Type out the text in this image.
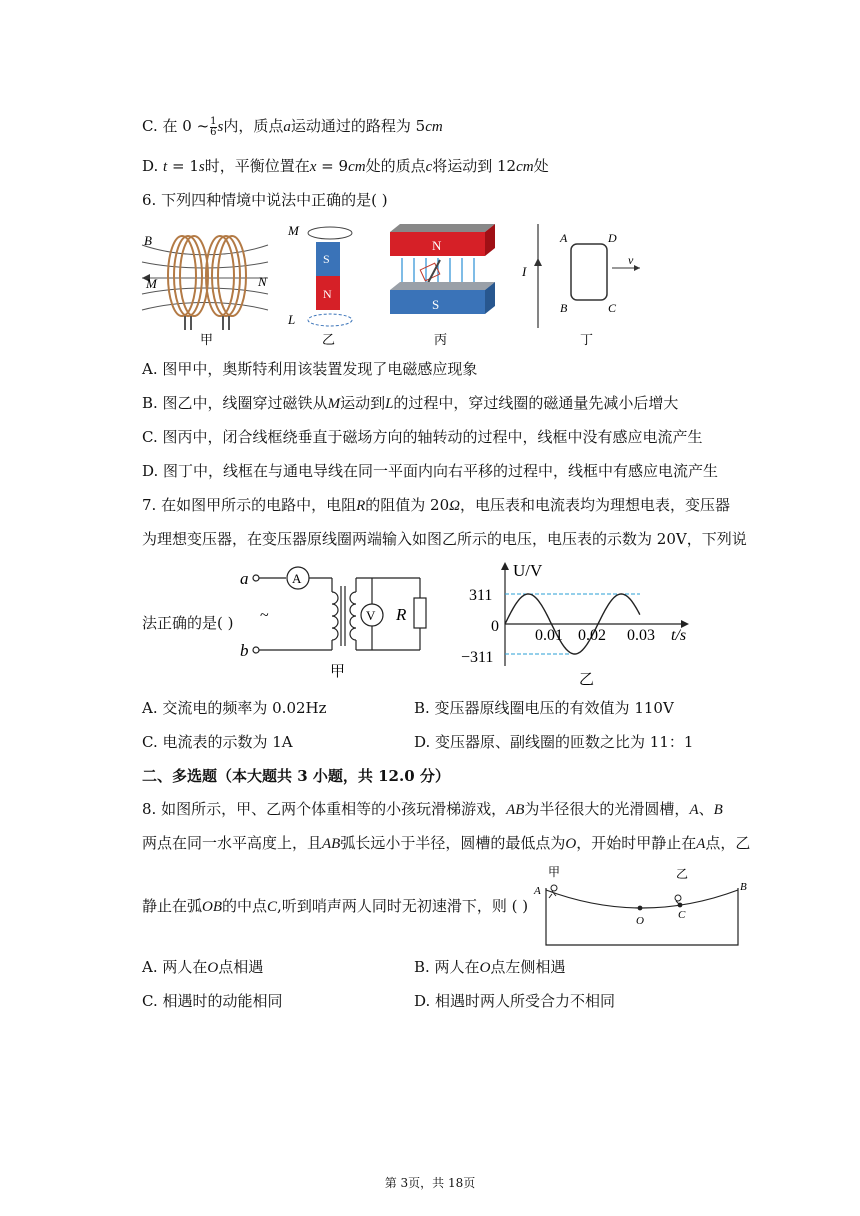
C. 在 0 ~ $\frac{1}{6}$ s内，质点a运动通过的路程为 5cm
D. t = 1s时，平衡位置在x = 9cm处的质点c将运动到 12cm处
6. 下列四种情境中说法中正确的是( )
B
M	N
甲
S
N
M
L
乙
N
S
丙
I
A	D
B	C
v
丁
A. 图甲中，奥斯特利用该装置发现了电磁感应现象
B. 图乙中，线圈穿过磁铁从M运动到L的过程中，穿过线圈的磁通量先减小后增大
C. 图丙中，闭合线框绕垂直于磁场方向的轴转动的过程中，线框中没有感应电流产生
D. 图丁中，线框在与通电导线在同一平面内向右平移的过程中，线框中有感应电流产生
7. 在如图甲所示的电路中，电阻R的阻值为 20Ω，电压表和电流表均为理想电表，变压器
为理想变压器，在变压器原线圈两端输入如图乙所示的电压，电压表的示数为 20V，下列说
法正确的是( )
a
b
A
V R
~
甲
U/V
t/s
311
0
−311
0.01 0.02 0.03
乙
A. 交流电的频率为 0.02Hz	B. 变压器原线圈电压的有效值为 110V
C. 电流表的示数为 1A	D. 变压器原、副线圈的匝数之比为 11：1
二、多选题（本大题共 3 小题，共 12.0 分）
8. 如图所示，甲、乙两个体重相等的小孩玩滑梯游戏，AB为半径很大的光滑圆槽，A、B
两点在同一水平高度上，且AB弧长远小于半径，圆槽的最低点为O，开始时甲静止在A点，乙
静止在弧OB的中点C,听到哨声两人同时无初速滑下，则 ( )
甲	乙
A	B
O	C
A. 两人在O点相遇	B. 两人在O点左侧相遇
C. 相遇时的动能相同	D. 相遇时两人所受合力不相同
第 3页，共 18页
